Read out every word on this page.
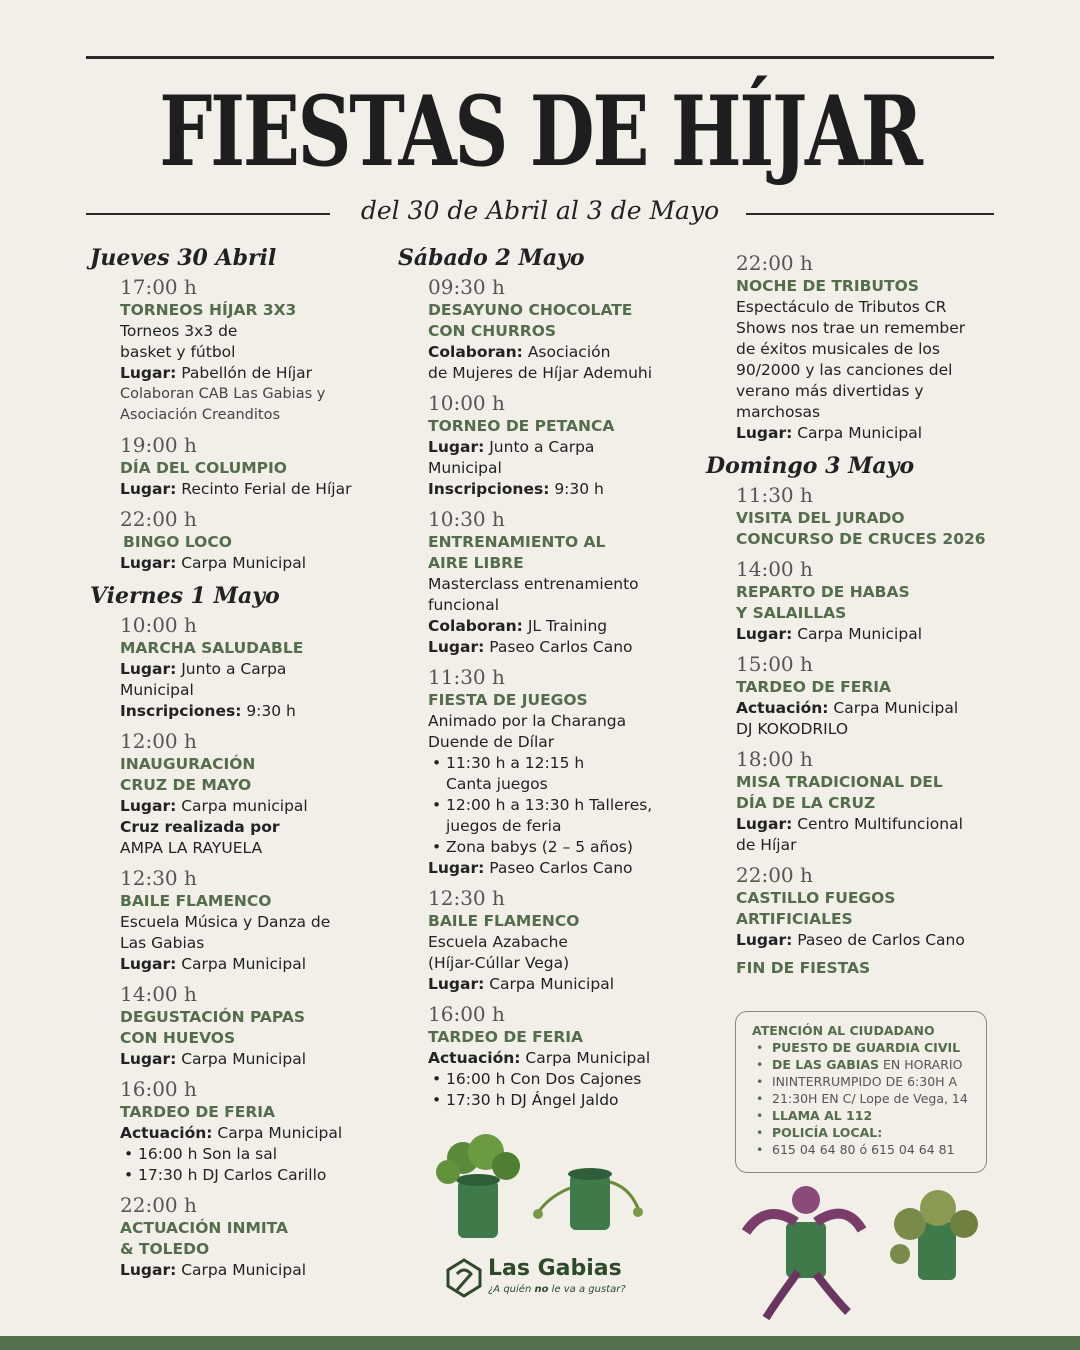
FIESTAS DE HÍJAR
del 30 de Abril al 3 de Mayo
Jueves 30 Abril
17:00 h
TORNEOS HÍJAR 3X3
Torneos 3x3 de
basket y fútbol
Lugar: Pabellón de Híjar
Colaboran CAB Las Gabias y
Asociación Creanditos
19:00 h
DÍA DEL COLUMPIO
Lugar: Recinto Ferial de Híjar
22:00 h
BINGO LOCO
Lugar: Carpa Municipal
Viernes 1 Mayo
10:00 h
MARCHA SALUDABLE
Lugar: Junto a Carpa
Municipal
Inscripciones: 9:30 h
12:00 h
INAUGURACIÓN
CRUZ DE MAYO
Lugar: Carpa municipal
Cruz realizada por
AMPA LA RAYUELA
12:30 h
BAILE FLAMENCO
Escuela Música y Danza de
Las Gabias
Lugar: Carpa Municipal
14:00 h
DEGUSTACIÓN PAPAS
CON HUEVOS
Lugar: Carpa Municipal
16:00 h
TARDEO DE FERIA
Actuación: Carpa Municipal
• 16:00 h Son la sal
• 17:30 h DJ Carlos Carillo
22:00 h
ACTUACIÓN INMITA
& TOLEDO
Lugar: Carpa Municipal
Sábado 2 Mayo
09:30 h
DESAYUNO CHOCOLATE
CON CHURROS
Colaboran: Asociación
de Mujeres de Híjar Ademuhi
10:00 h
TORNEO DE PETANCA
Lugar: Junto a Carpa
Municipal
Inscripciones: 9:30 h
10:30 h
ENTRENAMIENTO AL
AIRE LIBRE
Masterclass entrenamiento
funcional
Colaboran: JL Training
Lugar: Paseo Carlos Cano
11:30 h
FIESTA DE JUEGOS
Animado por la Charanga
Duende de Dílar
• 11:30 h a 12:15 h
Canta juegos
• 12:00 h a 13:30 h Talleres,
juegos de feria
• Zona babys (2 – 5 años)
Lugar: Paseo Carlos Cano
12:30 h
BAILE FLAMENCO
Escuela Azabache
(Híjar-Cúllar Vega)
Lugar: Carpa Municipal
16:00 h
TARDEO DE FERIA
Actuación: Carpa Municipal
• 16:00 h Con Dos Cajones
• 17:30 h DJ Ángel Jaldo
22:00 h
NOCHE DE TRIBUTOS
Espectáculo de Tributos CR
Shows nos trae un remember
de éxitos musicales de los
90/2000 y las canciones del
verano más divertidas y
marchosas
Lugar: Carpa Municipal
Domingo 3 Mayo
11:30 h
VISITA DEL JURADO
CONCURSO DE CRUCES 2026
14:00 h
REPARTO DE HABAS
Y SALAILLAS
Lugar: Carpa Municipal
15:00 h
TARDEO DE FERIA
Actuación: Carpa Municipal
DJ KOKODRILO
18:00 h
MISA TRADICIONAL DEL
DÍA DE LA CRUZ
Lugar: Centro Multifuncional
de Híjar
22:00 h
CASTILLO FUEGOS
ARTIFICIALES
Lugar: Paseo de Carlos Cano
FIN DE FIESTAS
ATENCIÓN AL CIUDADANO
• PUESTO DE GUARDIA CIVIL
• DE LAS GABIAS EN HORARIO
• ININTERRUMPIDO DE 6:30H A
• 21:30H EN C/ Lope de Vega, 14
• LLAMA AL 112
• POLICÍA LOCAL:
• 615 04 64 80 ó 615 04 64 81
Las Gabias
¿A quién no le va a gustar?
